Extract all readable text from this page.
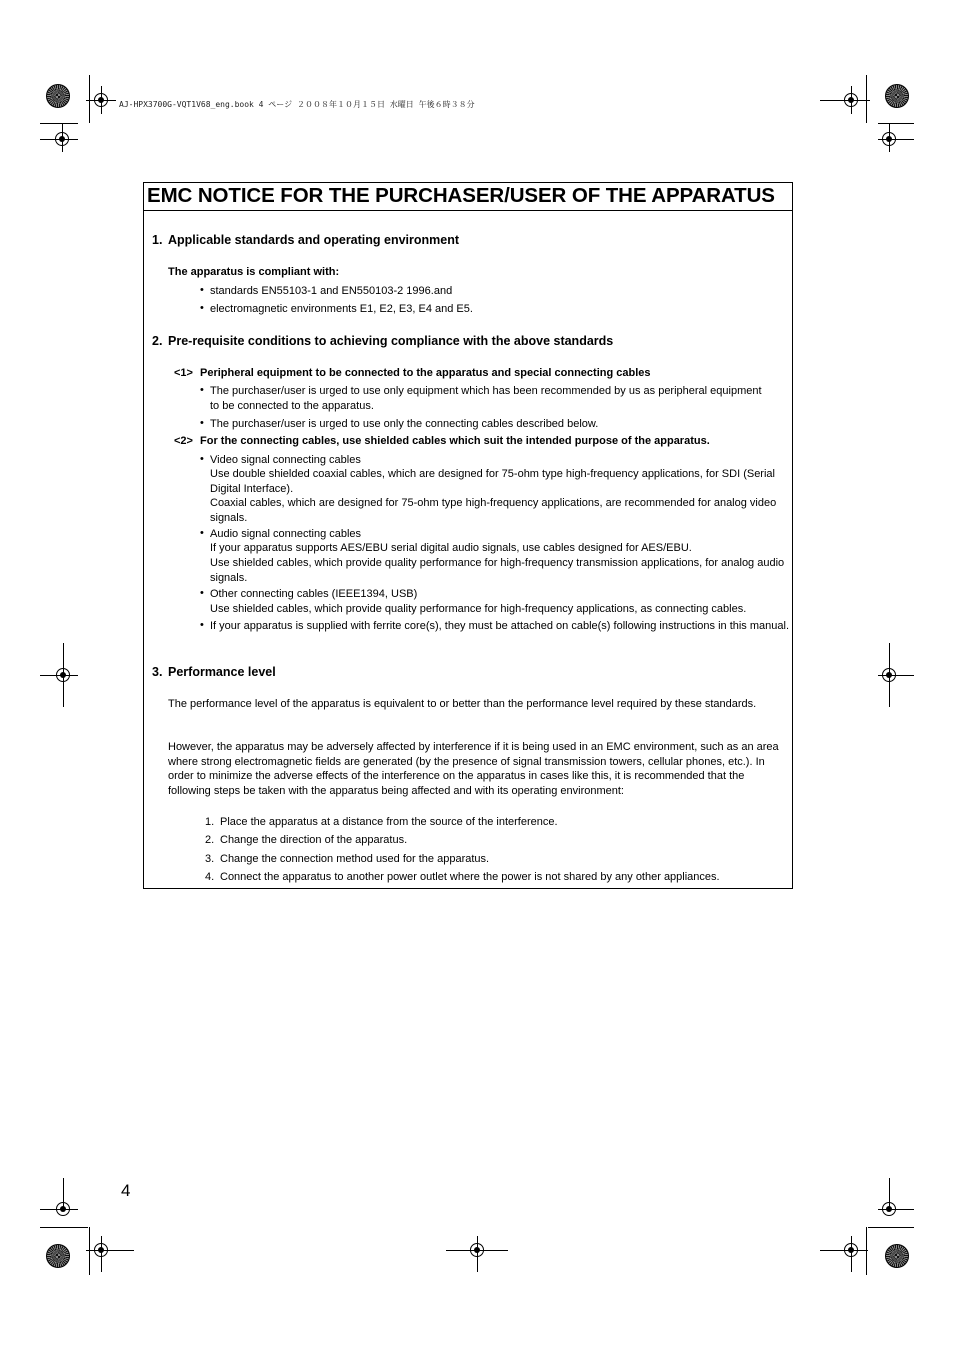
AJ-HPX3700G-VQT1V68_eng.book 4 ページ ２００８年１０月１５日 水曜日 午後６時３８分
EMC NOTICE FOR THE PURCHASER/USER OF THE APPARATUS
1. Applicable standards and operating environment
The apparatus is compliant with:
• standards EN55103-1 and EN550103-2 1996.and
• electromagnetic environments E1, E2, E3, E4 and E5.
2. Pre-requisite conditions to achieving compliance with the above standards
<1> Peripheral equipment to be connected to the apparatus and special connecting cables
• The purchaser/user is urged to use only equipment which has been recommended by us as peripheral equipment to be connected to the apparatus.
• The purchaser/user is urged to use only the connecting cables described below.
<2> For the connecting cables, use shielded cables which suit the intended purpose of the apparatus.
• Video signal connecting cables
Use double shielded coaxial cables, which are designed for 75-ohm type high-frequency applications, for SDI (Serial Digital Interface).
Coaxial cables, which are designed for 75-ohm type high-frequency applications, are recommended for analog video signals.
• Audio signal connecting cables
If your apparatus supports AES/EBU serial digital audio signals, use cables designed for AES/EBU.
Use shielded cables, which provide quality performance for high-frequency transmission applications, for analog audio signals.
• Other connecting cables (IEEE1394, USB)
Use shielded cables, which provide quality performance for high-frequency applications, as connecting cables.
• If your apparatus is supplied with ferrite core(s), they must be attached on cable(s) following instructions in this manual.
3. Performance level
The performance level of the apparatus is equivalent to or better than the performance level required by these standards.
However, the apparatus may be adversely affected by interference if it is being used in an EMC environment, such as an area where strong electromagnetic fields are generated (by the presence of signal transmission towers, cellular phones, etc.). In order to minimize the adverse effects of the interference on the apparatus in cases like this, it is recommended that the following steps be taken with the apparatus being affected and with its operating environment:
1. Place the apparatus at a distance from the source of the interference.
2. Change the direction of the apparatus.
3. Change the connection method used for the apparatus.
4. Connect the apparatus to another power outlet where the power is not shared by any other appliances.
4
